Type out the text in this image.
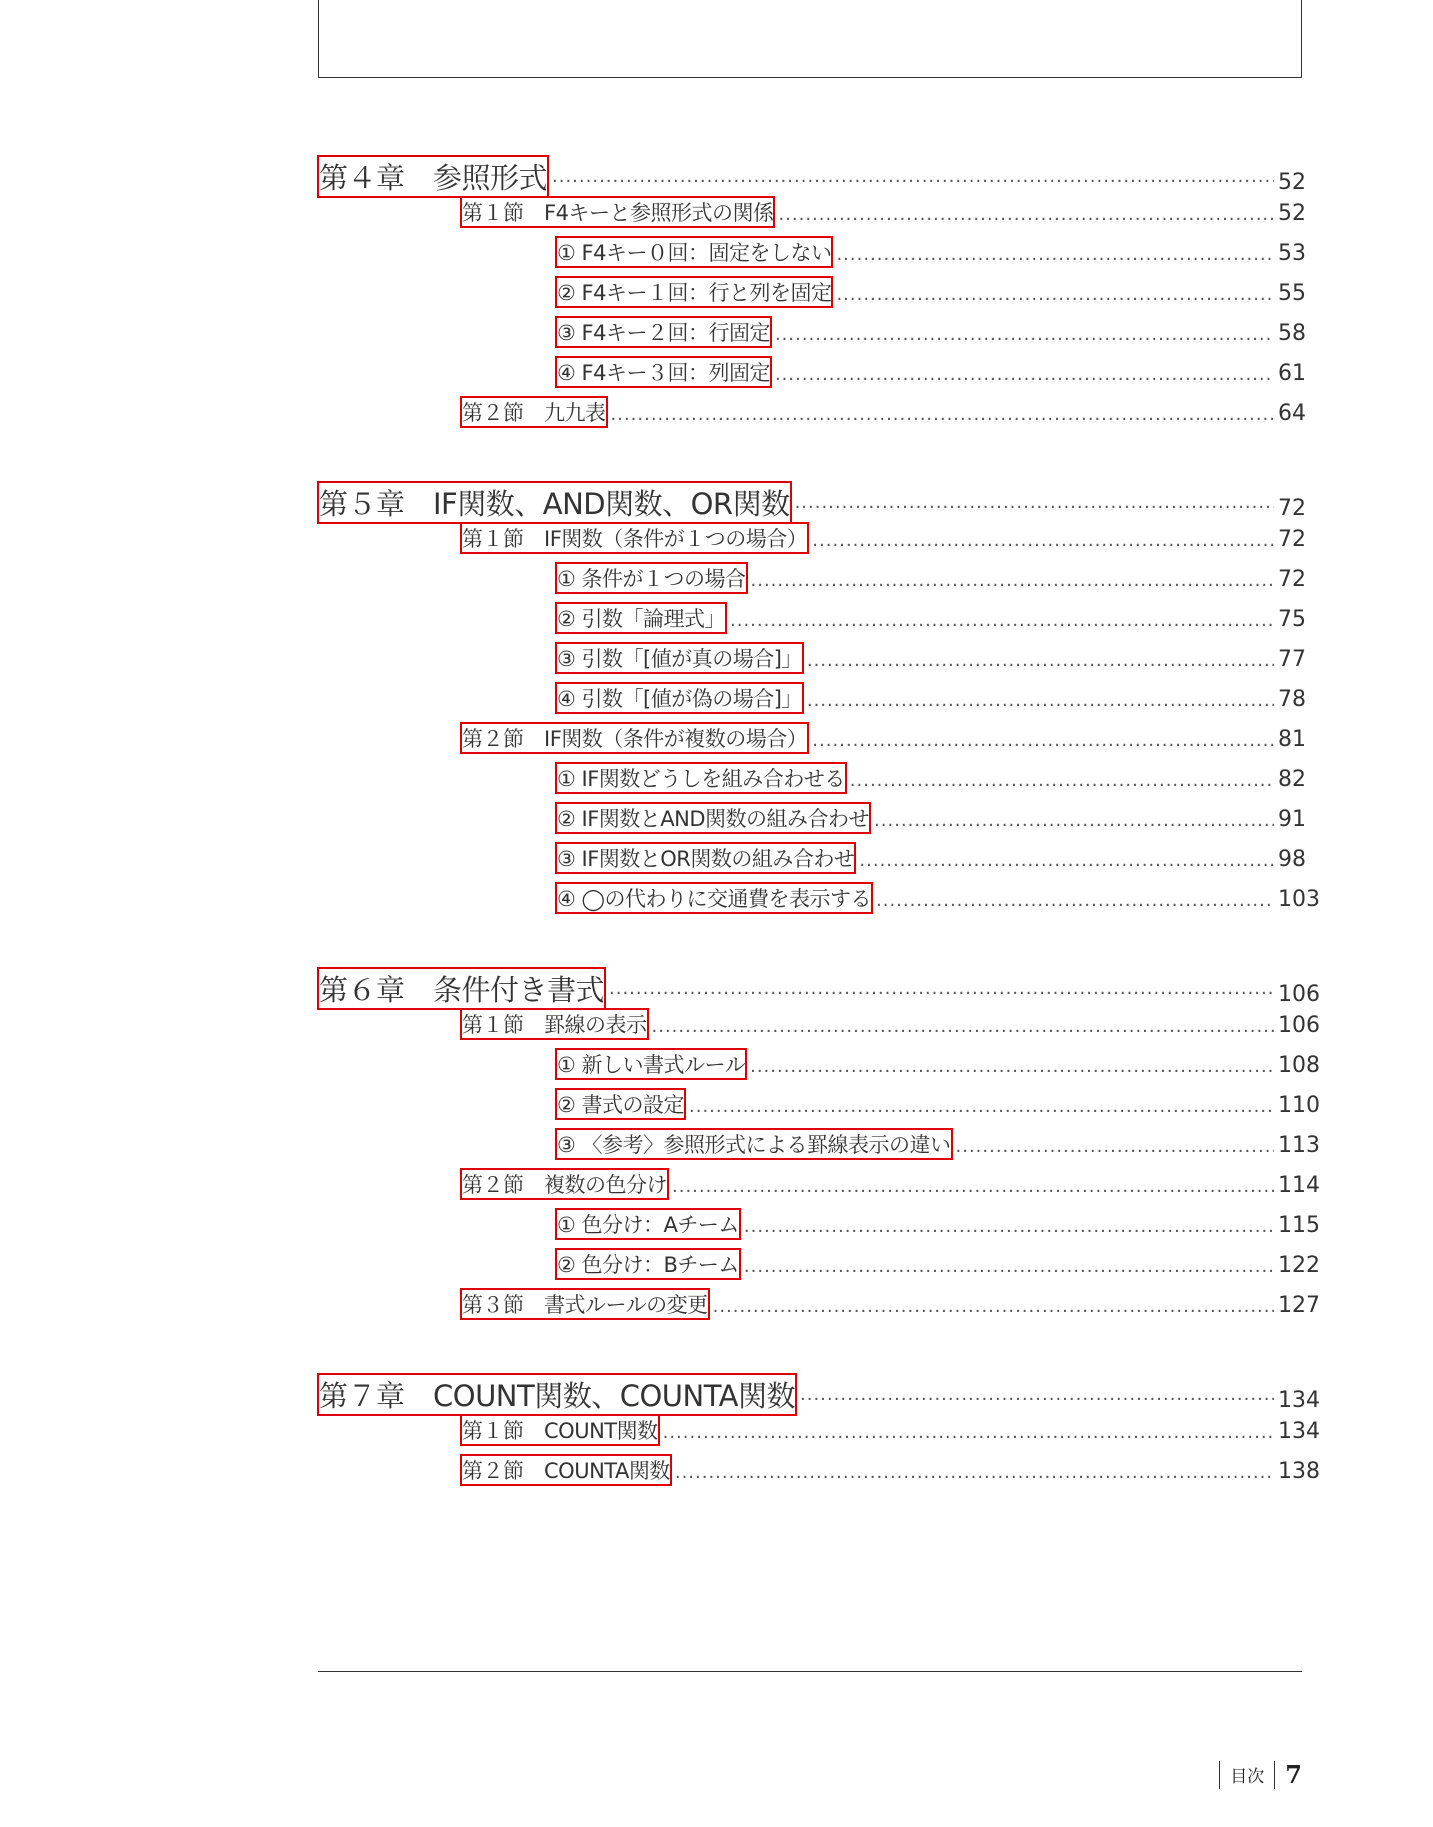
第４章　参照形式 .....	52
第１節　F4キーと参照形式の関係 .....	52
① F4キー０回：固定をしない .....	53
② F4キー１回：行と列を固定 .....	55
③ F4キー２回：行固定 .....	58
④ F4キー３回：列固定 .....	61
第２節　九九表 .....	64
第５章　IF関数、AND関数、OR関数 .....	72
第１節　IF関数（条件が１つの場合） .....	72
① 条件が１つの場合 .....	72
② 引数「論理式」 .....	75
③ 引数「[値が真の場合]」 .....	77
④ 引数「[値が偽の場合]」 .....	78
第２節　IF関数（条件が複数の場合） .....	81
① IF関数どうしを組み合わせる .....	82
② IF関数とAND関数の組み合わせ .....	91
③ IF関数とOR関数の組み合わせ .....	98
④ ◯の代わりに交通費を表示する .....	103
第６章　条件付き書式 .....	106
第１節　罫線の表示 .....	106
① 新しい書式ルール .....	108
② 書式の設定 .....	110
③ 〈参考〉参照形式による罫線表示の違い .....	113
第２節　複数の色分け .....	114
① 色分け：Aチーム .....	115
② 色分け：Bチーム .....	122
第３節　書式ルールの変更 .....	127
第７章　COUNT関数、COUNTA関数 .....	134
第１節　COUNT関数 .....	134
第２節　COUNTA関数 .....	138
目次 7
